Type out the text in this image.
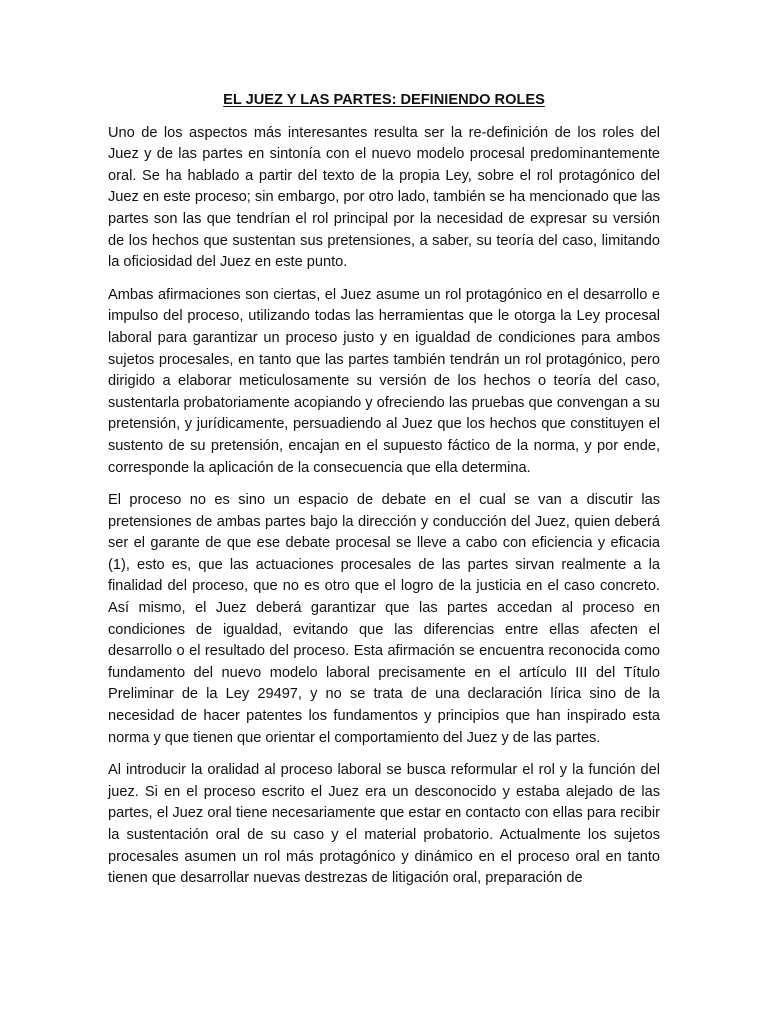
EL JUEZ Y LAS PARTES: DEFINIENDO ROLES

Uno de los aspectos más interesantes resulta ser la re-definición de los roles del Juez y de las partes en sintonía con el nuevo modelo procesal predominantemente oral. Se ha hablado a partir del texto de la propia Ley, sobre el rol protagónico del Juez en este proceso; sin embargo, por otro lado, también se ha mencionado que las partes son las que tendrían el rol principal por la necesidad de expresar su versión de los hechos que sustentan sus pretensiones, a saber, su teoría del caso, limitando la oficiosidad del Juez en este punto.

Ambas afirmaciones son ciertas, el Juez asume un rol protagónico en el desarrollo e impulso del proceso, utilizando todas las herramientas que le otorga la Ley procesal laboral para garantizar un proceso justo y en igualdad de condiciones para ambos sujetos procesales, en tanto que las partes también tendrán un rol protagónico, pero dirigido a elaborar meticulosamente su versión de los hechos o teoría del caso, sustentarla probatoriamente acopiando y ofreciendo las pruebas que convengan a su pretensión, y jurídicamente, persuadiendo al Juez que los hechos que constituyen el sustento de su pretensión, encajan en el supuesto fáctico de la norma, y por ende, corresponde la aplicación de la consecuencia que ella determina.

El proceso no es sino un espacio de debate en el cual se van a discutir las pretensiones de ambas partes bajo la dirección y conducción del Juez, quien deberá ser el garante de que ese debate procesal se lleve a cabo con eficiencia y eficacia (1), esto es, que las actuaciones procesales de las partes sirvan realmente a la finalidad del proceso, que no es otro que el logro de la justicia en el caso concreto. Así mismo, el Juez deberá garantizar que las partes accedan al proceso en condiciones de igualdad, evitando que las diferencias entre ellas afecten el desarrollo o el resultado del proceso. Esta afirmación se encuentra reconocida como fundamento del nuevo modelo laboral precisamente en el artículo III del Título Preliminar de la Ley 29497, y no se trata de una declaración lírica sino de la necesidad de hacer patentes los fundamentos y principios que han inspirado esta norma y que tienen que orientar el comportamiento del Juez y de las partes.

Al introducir la oralidad al proceso laboral se busca reformular el rol y la función del juez. Si en el proceso escrito el Juez era un desconocido y estaba alejado de las partes, el Juez oral tiene necesariamente que estar en contacto con ellas para recibir la sustentación oral de su caso y el material probatorio. Actualmente los sujetos procesales asumen un rol más protagónico y dinámico en el proceso oral en tanto tienen que desarrollar nuevas destrezas de litigación oral, preparación de
